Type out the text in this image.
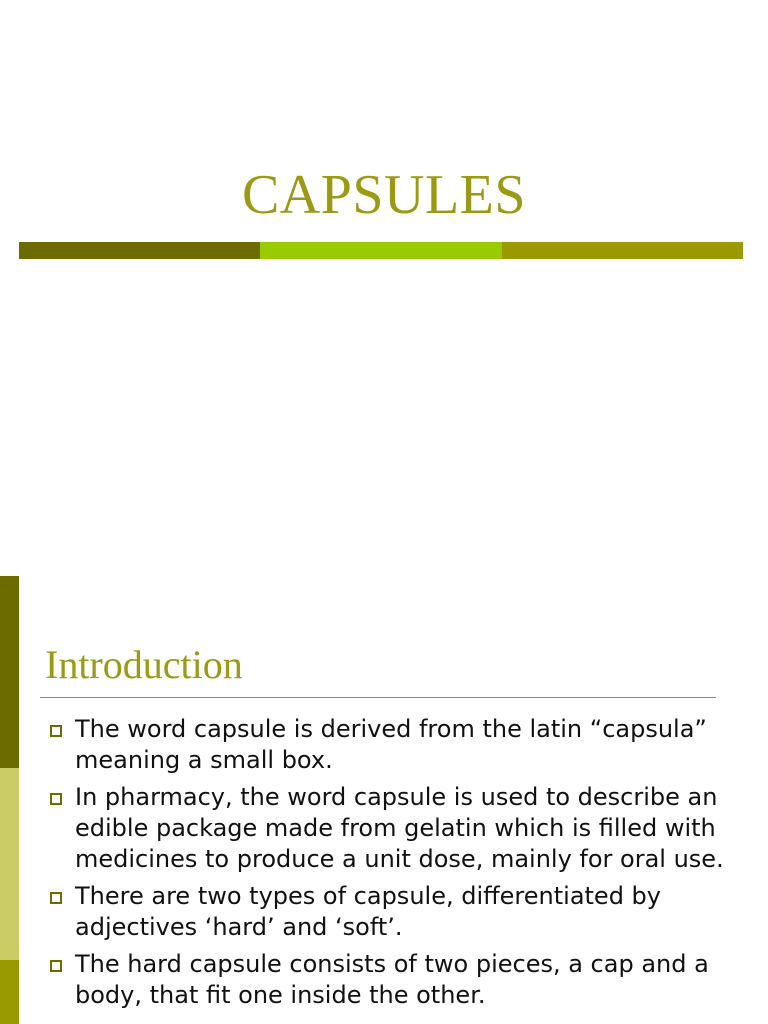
CAPSULES
Introduction
The word capsule is derived from the latin “capsula” meaning a small box.
In pharmacy, the word capsule is used to describe an edible package made from gelatin which is filled with medicines to produce a unit dose, mainly for oral use.
There are two types of capsule, differentiated by adjectives ‘hard’ and ‘soft’.
The hard capsule consists of two pieces, a cap and a body, that fit one inside the other.
